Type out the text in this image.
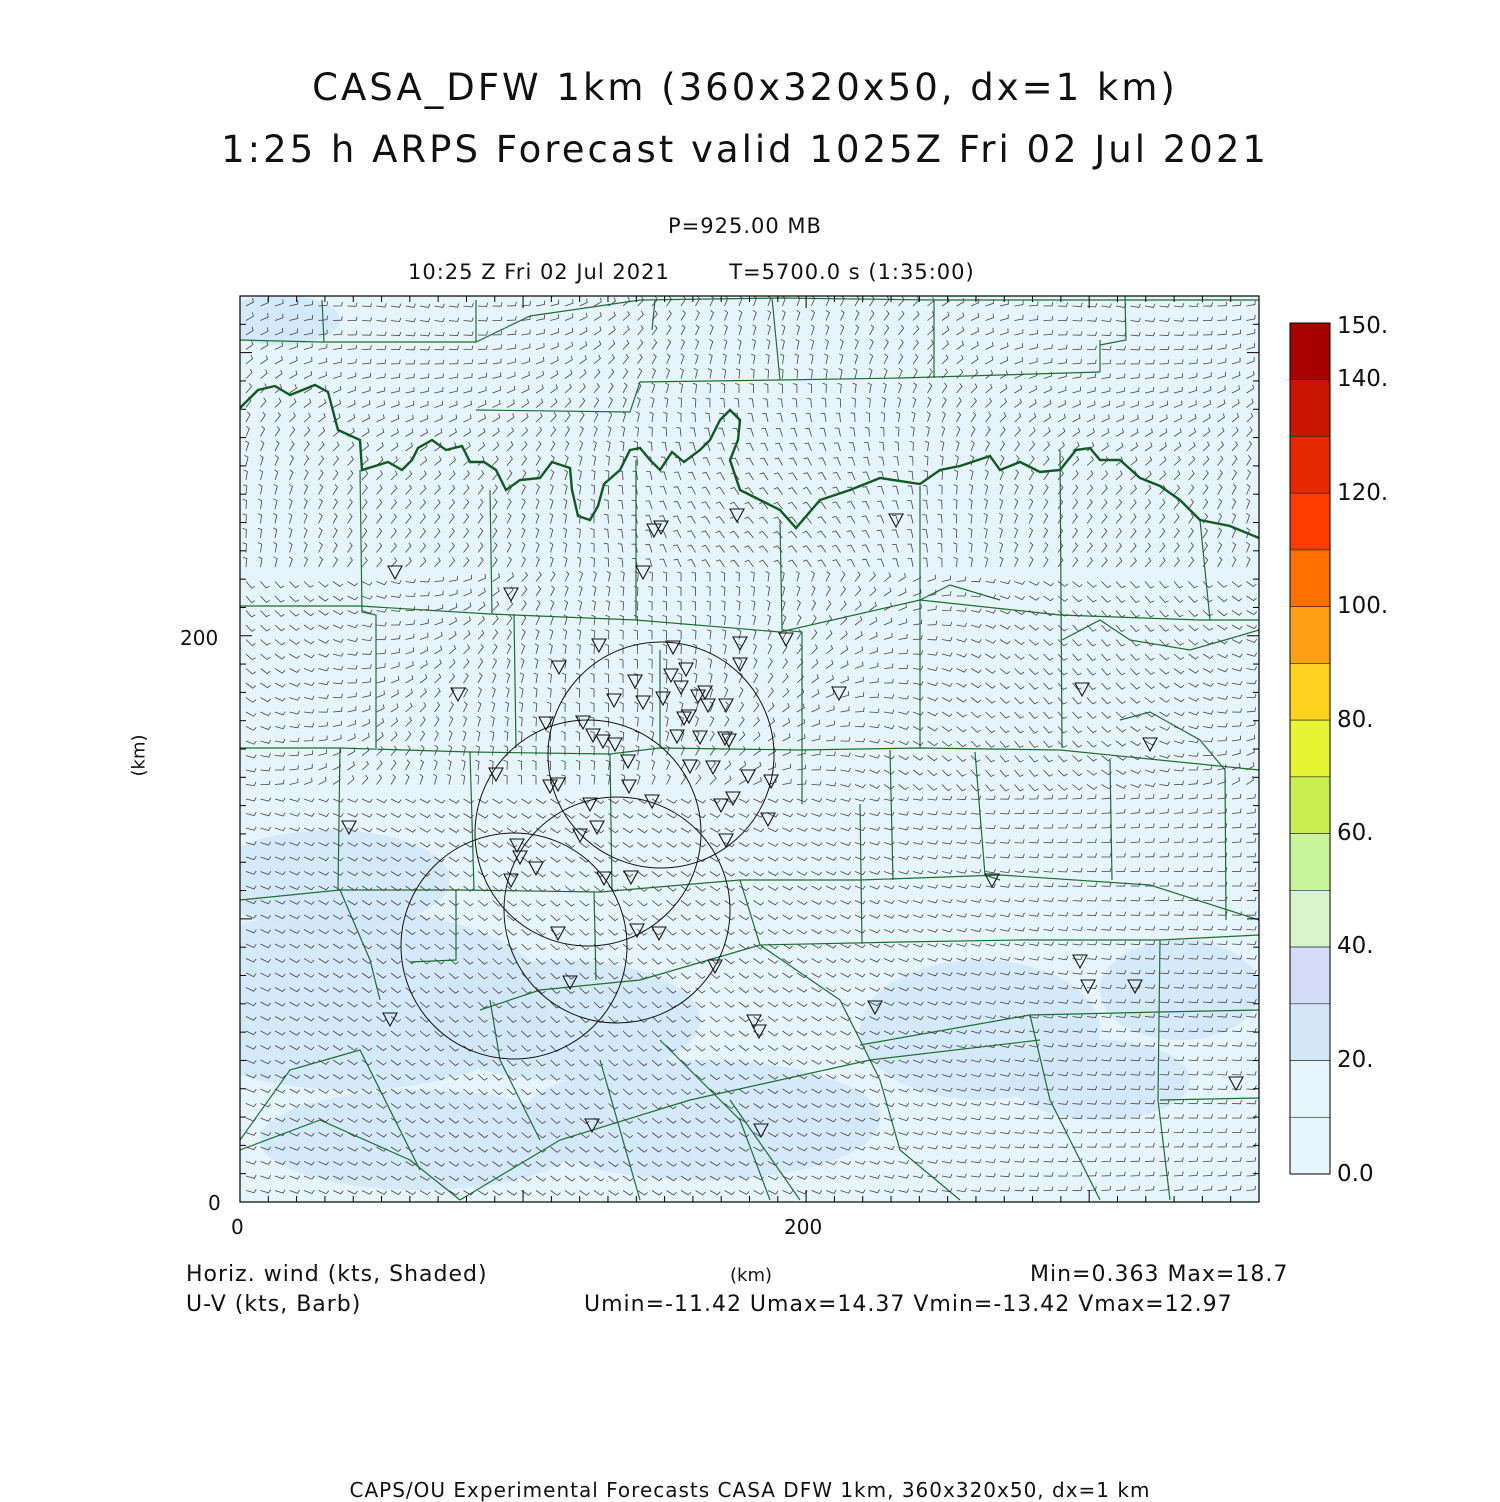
CASA_DFW 1km (360x320x50, dx=1 km)
1:25 h ARPS Forecast valid 1025Z Fri 02 Jul 2021
P=925.00 MB
10:25 Z Fri 02 Jul 2021	T=5700.0 s (1:35:00)
200
0
0	200
(km)
(km)
150.
140.
120.
100.
80.
60.
40.
20.
0.0
Horiz. wind (kts, Shaded)
U-V (kts, Barb)
Min=0.363 Max=18.7
Umin=-11.42 Umax=14.37 Vmin=-13.42 Vmax=12.97
CAPS/OU Experimental Forecasts CASA DFW 1km, 360x320x50, dx=1 km
